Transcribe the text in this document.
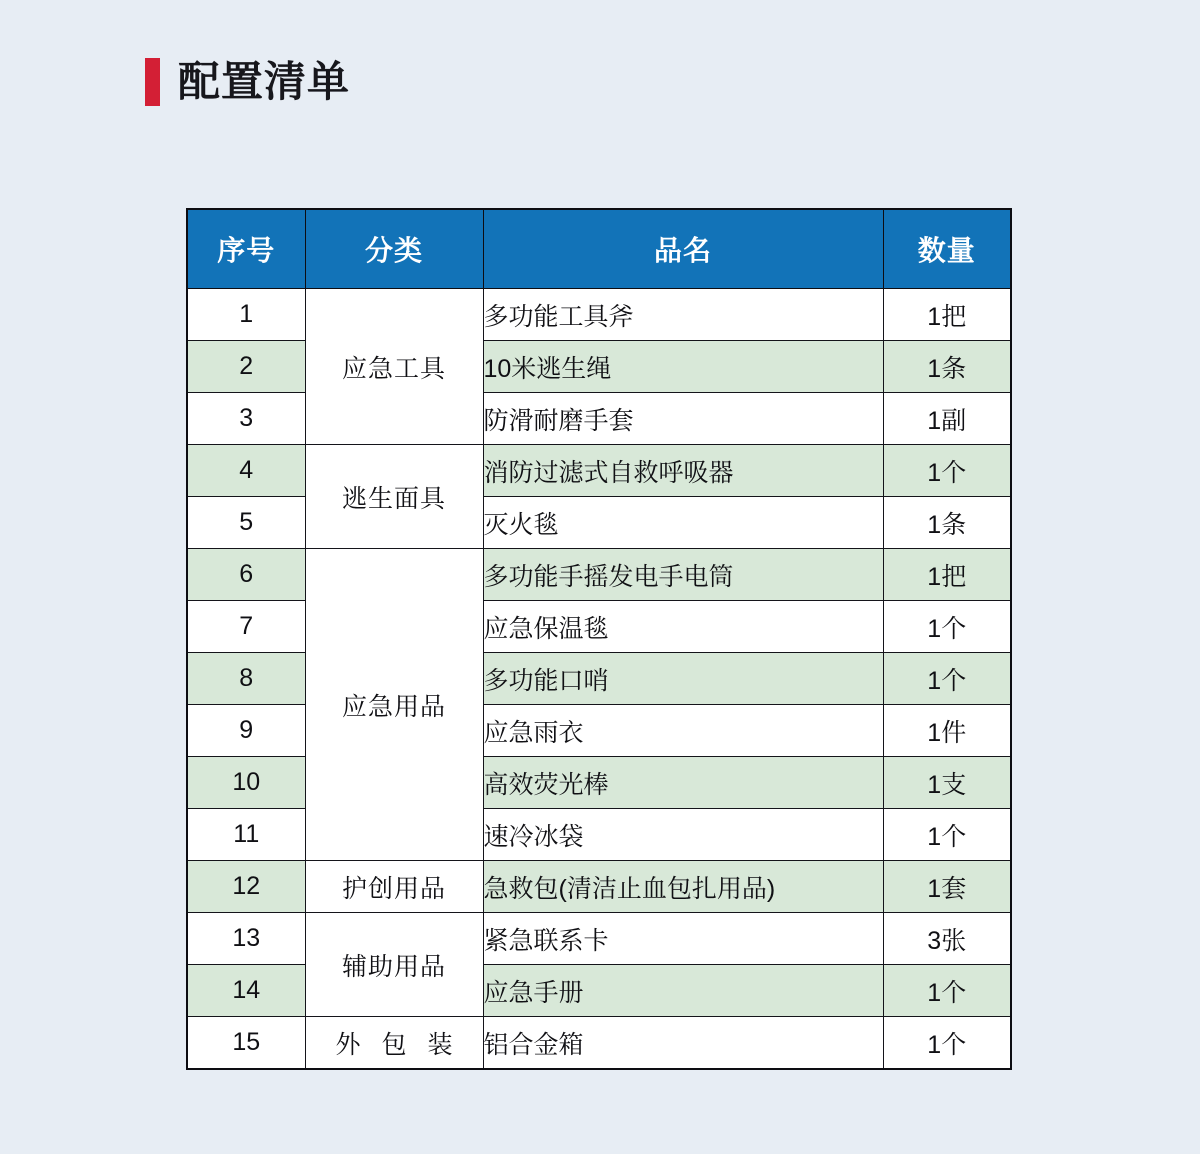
配置清单
序号	分类	品名	数量
1	应急工具	多功能工具斧	1把
2		10米逃生绳	1条
3		防滑耐磨手套	1副
4	逃生面具	消防过滤式自救呼吸器	1个
5		灭火毯	1条
6	应急用品	多功能手摇发电手电筒	1把
7		应急保温毯	1个
8		多功能口哨	1个
9		应急雨衣	1件
10		高效荧光棒	1支
11		速冷冰袋	1个
12	护创用品	急救包(清洁止血包扎用品)	1套
13	辅助用品	紧急联系卡	3张
14		应急手册	1个
15	外 包 装	铝合金箱	1个
